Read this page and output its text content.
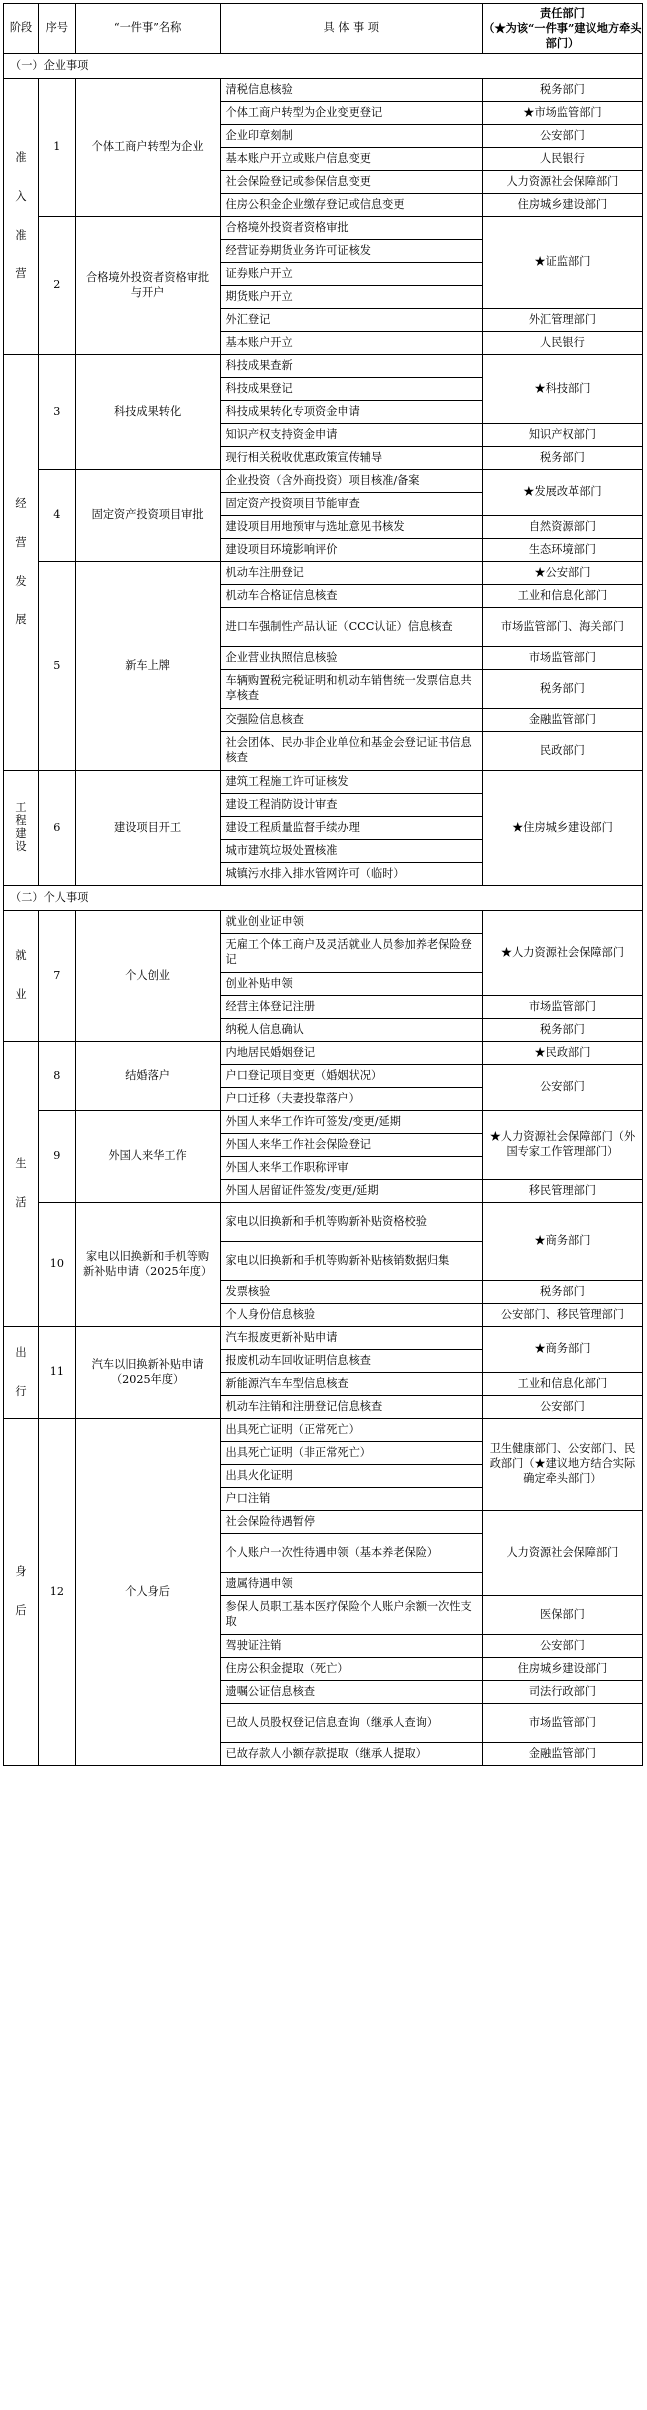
阶段	序号	“一件事”名称	具 体 事 项	责任部门
（★为该“一件事”建议地方牵头部门）

（一）企业事项				

准
入
准
营	1	个体工商户转型为企业	清税信息核验	税务部门
			个体工商户转型为企业变更登记	★市场监管部门
			企业印章刻制	公安部门
			基本账户开立或账户信息变更	人民银行
			社会保险登记或参保信息变更	人力资源社会保障部门
			住房公积金企业缴存登记或信息变更	住房城乡建设部门
	2	合格境外投资者资格审批与开户	合格境外投资者资格审批	★证监部门
			经营证券期货业务许可证核发	
			证券账户开立	
			期货账户开立	
			外汇登记	外汇管理部门
			基本账户开立	人民银行

经
营
发
展	3	科技成果转化	科技成果查新	★科技部门
			科技成果登记	
			科技成果转化专项资金申请	
			知识产权支持资金申请	知识产权部门
			现行相关税收优惠政策宣传辅导	税务部门
	4	固定资产投资项目审批	企业投资（含外商投资）项目核准/备案	★发展改革部门
			固定资产投资项目节能审查	
			建设项目用地预审与选址意见书核发	自然资源部门
			建设项目环境影响评价	生态环境部门
	5	新车上牌	机动车注册登记	★公安部门
			机动车合格证信息核查	工业和信息化部门
			进口车强制性产品认证（CCC认证）信息核查	市场监管部门、海关部门
			企业营业执照信息核验	市场监管部门
			车辆购置税完税证明和机动车销售统一发票信息共享核查	税务部门
			交强险信息核查	金融监管部门
			社会团体、民办非企业单位和基金会登记证书信息核查	民政部门

工
程
建
设	6	建设项目开工	建筑工程施工许可证核发	★住房城乡建设部门
			建设工程消防设计审查	
			建设工程质量监督手续办理	
			城市建筑垃圾处置核准	
			城镇污水排入排水管网许可（临时）	
（二）个人事项				

就
业	7	个人创业	就业创业证申领	★人力资源社会保障部门
			无雇工个体工商户及灵活就业人员参加养老保险登记	
			创业补贴申领	
			经营主体登记注册	市场监管部门
			纳税人信息确认	税务部门

生
活	8	结婚落户	内地居民婚姻登记	★民政部门
			户口登记项目变更（婚姻状况）	公安部门
			户口迁移（夫妻投靠落户）	
	9	外国人来华工作	外国人来华工作许可签发/变更/延期	★人力资源社会保障部门（外国专家工作管理部门）
			外国人来华工作社会保险登记	
			外国人来华工作职称评审	
			外国人居留证件签发/变更/延期	移民管理部门
	10	家电以旧换新和手机等购新补贴申请（2025年度）	家电以旧换新和手机等购新补贴资格校验	★商务部门
			家电以旧换新和手机等购新补贴核销数据归集	
			发票核验	税务部门
			个人身份信息核验	公安部门、移民管理部门

出
行	11	汽车以旧换新补贴申请（2025年度）	汽车报废更新补贴申请	★商务部门
			报废机动车回收证明信息核查	
			新能源汽车车型信息核查	工业和信息化部门
			机动车注销和注册登记信息核查	公安部门

身
后	12	个人身后	出具死亡证明（正常死亡）	卫生健康部门、公安部门、民政部门（★建议地方结合实际确定牵头部门）
			出具死亡证明（非正常死亡）	
			出具火化证明	
			户口注销	
			社会保险待遇暂停	人力资源社会保障部门
			个人账户一次性待遇申领（基本养老保险）	
			遗属待遇申领	
			参保人员职工基本医疗保险个人账户余额一次性支取	医保部门
			驾驶证注销	公安部门
			住房公积金提取（死亡）	住房城乡建设部门
			遗嘱公证信息核查	司法行政部门
			已故人员股权登记信息查询（继承人查询）	市场监管部门
			已故存款人小额存款提取（继承人提取）	金融监管部门
